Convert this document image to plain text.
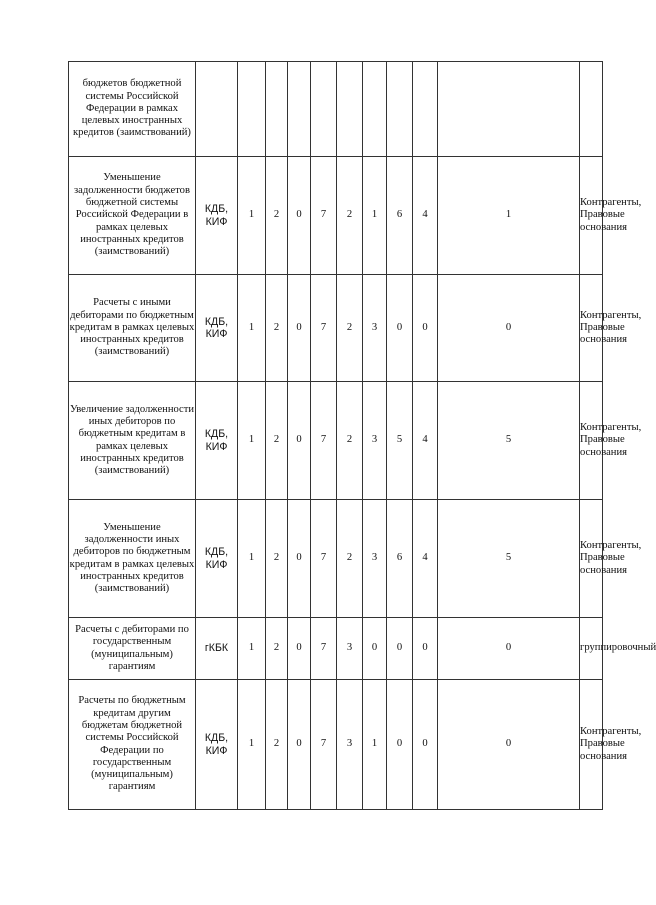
бюджетов бюджетной системы Российской Федерации в рамках целевых иностранных кредитов (заимствований)											
Уменьшение задолженности бюджетов бюджетной системы Российской Федерации в рамках целевых иностранных кредитов (заимствований)	КДБ, КИФ	1	2	0	7	2	1	6	4	1	Контрагенты, Правовые основания
Расчеты с иными дебиторами по бюджетным кредитам в рамках целевых иностранных кредитов (заимствований)	КДБ, КИФ	1	2	0	7	2	3	0	0	0	Контрагенты, Правовые основания
Увеличение задолженности иных дебиторов по бюджетным кредитам в рамках целевых иностранных кредитов (заимствований)	КДБ, КИФ	1	2	0	7	2	3	5	4	5	Контрагенты, Правовые основания
Уменьшение задолженности иных дебиторов по бюджетным кредитам в рамках целевых иностранных кредитов (заимствований)	КДБ, КИФ	1	2	0	7	2	3	6	4	5	Контрагенты, Правовые основания
Расчеты с дебиторами по государственным (муниципальным) гарантиям	гКБК	1	2	0	7	3	0	0	0	0	группировочный
Расчеты по бюджетным кредитам другим бюджетам бюджетной системы Российской Федерации по государственным (муниципальным) гарантиям	КДБ, КИФ	1	2	0	7	3	1	0	0	0	Контрагенты, Правовые основания
